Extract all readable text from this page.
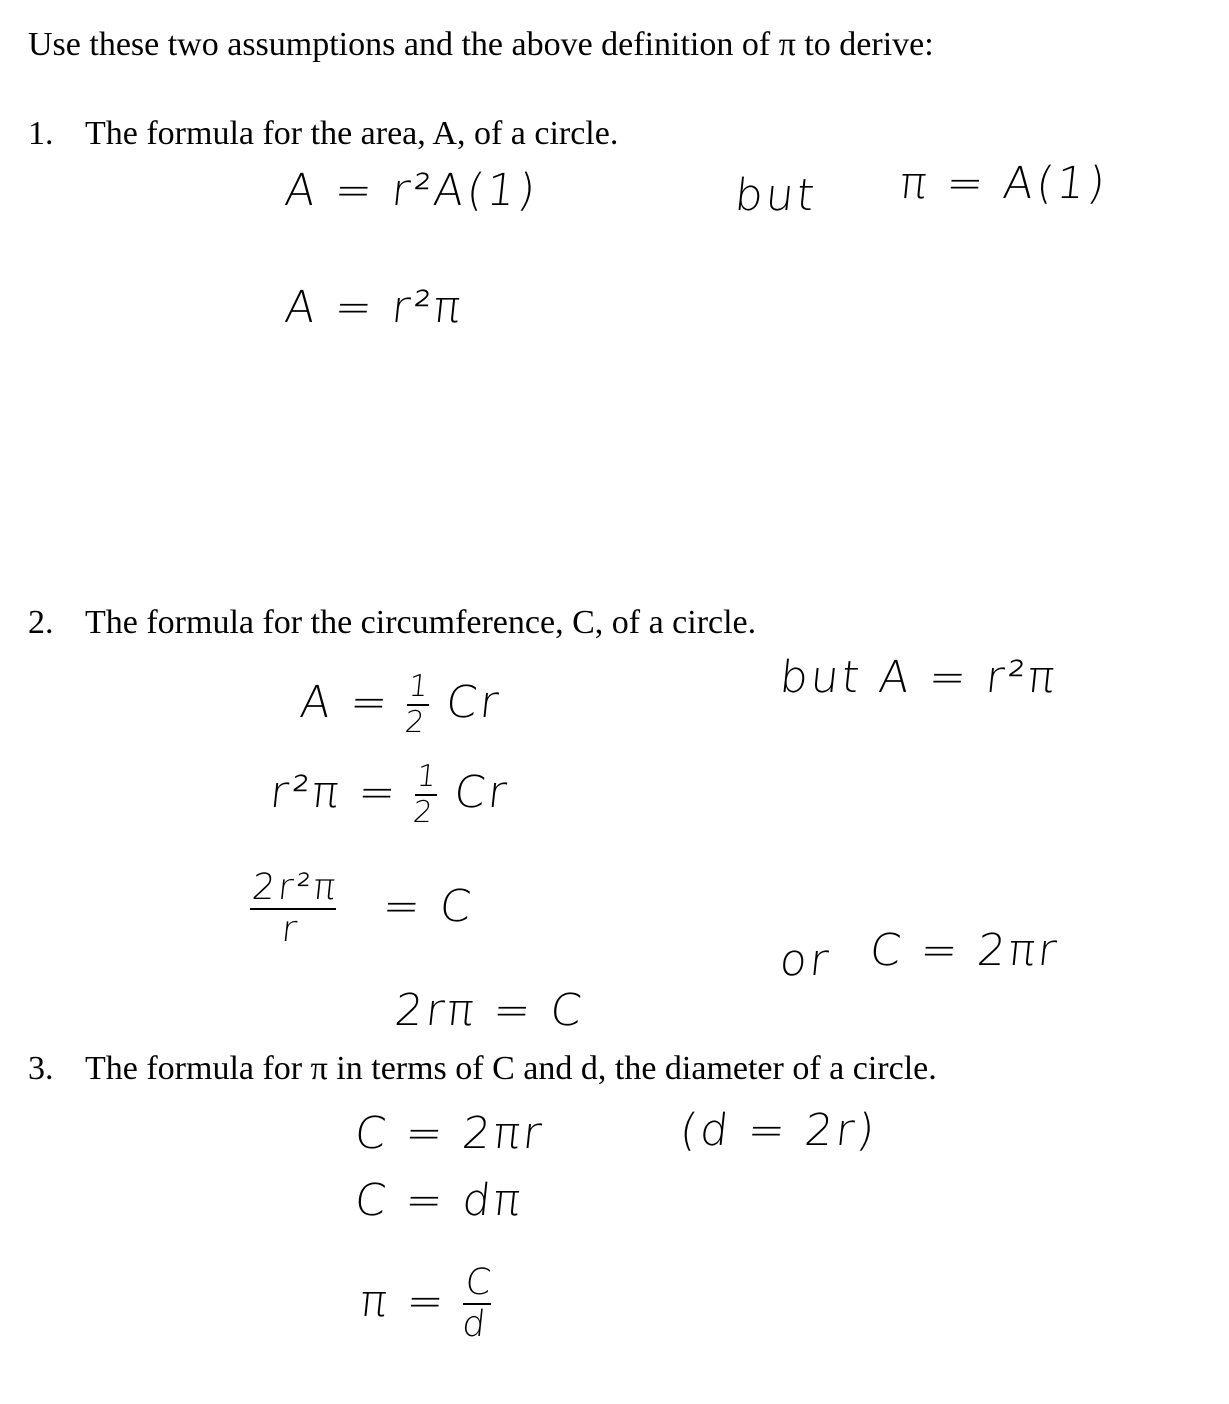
Use these two assumptions and the above definition of π to derive:
1. The formula for the area, A, of a circle.
A = r²A(1)	but π = A(1)
A = r²π
2. The formula for the circumference, C, of a circle.
$A = \frac{1}{2}$ Cr	but A = r²π
$r^2\pi = \frac{1}{2}$ Cr
$\frac{\text{2r²π}}{r} = C$
2rπ = C
or C = 2πr
3. The formula for π in terms of C and d, the diameter of a circle.
C = 2πr	(d = 2r)
C = dπ
$\pi = \frac{C}{d}$
